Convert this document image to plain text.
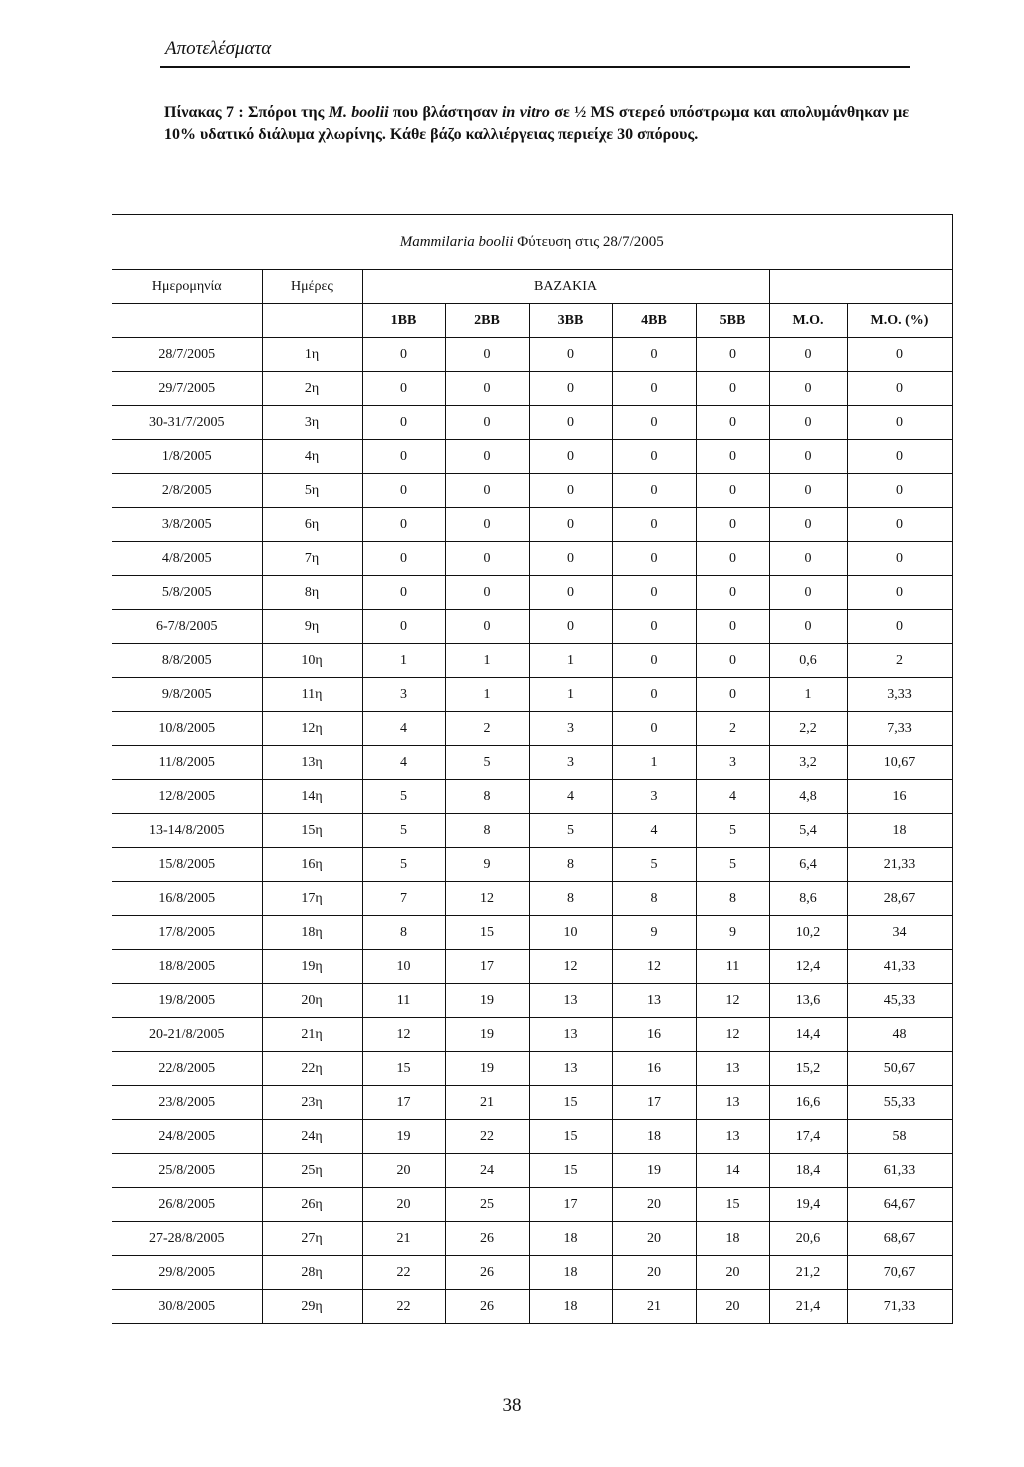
Αποτελέσματα
Πίνακας 7 : Σπόροι της M. boolii που βλάστησαν in vitro σε ½ MS στερεό υπόστρωμα και απολυμάνθηκαν με 10% υδατικό διάλυμα χλωρίνης. Κάθε βάζο καλλιέργειας περιείχε 30 σπόρους.
Mammilaria boolii Φύτευση στις 28/7/2005								
Ημερομηνία	Ημέρες	ΒΑΖΑΚΙΑ						
		1BB	2BB	3BB	4BB	5BB	Μ.Ο.	Μ.Ο. (%)
28/7/2005	1η	0	0	0	0	0	0	0
29/7/2005	2η	0	0	0	0	0	0	0
30-31/7/2005	3η	0	0	0	0	0	0	0
1/8/2005	4η	0	0	0	0	0	0	0
2/8/2005	5η	0	0	0	0	0	0	0
3/8/2005	6η	0	0	0	0	0	0	0
4/8/2005	7η	0	0	0	0	0	0	0
5/8/2005	8η	0	0	0	0	0	0	0
6-7/8/2005	9η	0	0	0	0	0	0	0
8/8/2005	10η	1	1	1	0	0	0,6	2
9/8/2005	11η	3	1	1	0	0	1	3,33
10/8/2005	12η	4	2	3	0	2	2,2	7,33
11/8/2005	13η	4	5	3	1	3	3,2	10,67
12/8/2005	14η	5	8	4	3	4	4,8	16
13-14/8/2005	15η	5	8	5	4	5	5,4	18
15/8/2005	16η	5	9	8	5	5	6,4	21,33
16/8/2005	17η	7	12	8	8	8	8,6	28,67
17/8/2005	18η	8	15	10	9	9	10,2	34
18/8/2005	19η	10	17	12	12	11	12,4	41,33
19/8/2005	20η	11	19	13	13	12	13,6	45,33
20-21/8/2005	21η	12	19	13	16	12	14,4	48
22/8/2005	22η	15	19	13	16	13	15,2	50,67
23/8/2005	23η	17	21	15	17	13	16,6	55,33
24/8/2005	24η	19	22	15	18	13	17,4	58
25/8/2005	25η	20	24	15	19	14	18,4	61,33
26/8/2005	26η	20	25	17	20	15	19,4	64,67
27-28/8/2005	27η	21	26	18	20	18	20,6	68,67
29/8/2005	28η	22	26	18	20	20	21,2	70,67
30/8/2005	29η	22	26	18	21	20	21,4	71,33
38
